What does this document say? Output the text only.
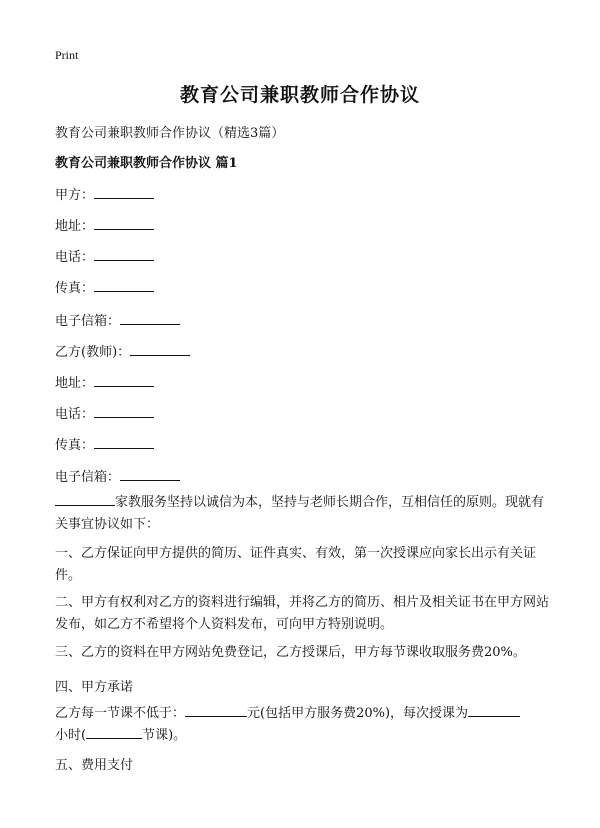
Print
教育公司兼职教师合作协议
教育公司兼职教师合作协议（精选3篇）
教育公司兼职教师合作协议 篇1
甲方：
地址：
电话：
传真：
电子信箱：
乙方(教师)：
地址：
电话：
传真：
电子信箱：
家教服务坚持以诚信为本，坚持与老师长期合作，互相信任的原则。现就有关事宜协议如下：
一、乙方保证向甲方提供的简历、证件真实、有效，第一次授课应向家长出示有关证件。
二、甲方有权利对乙方的资料进行编辑，并将乙方的简历、相片及相关证书在甲方网站发布，如乙方不希望将个人资料发布，可向甲方特别说明。
三、乙方的资料在甲方网站免费登记，乙方授课后，甲方每节课收取服务费20%。
四、甲方承诺
乙方每一节课不低于：	元(包括甲方服务费20%)，每次授课为
小时(	节课)。
五、费用支付
